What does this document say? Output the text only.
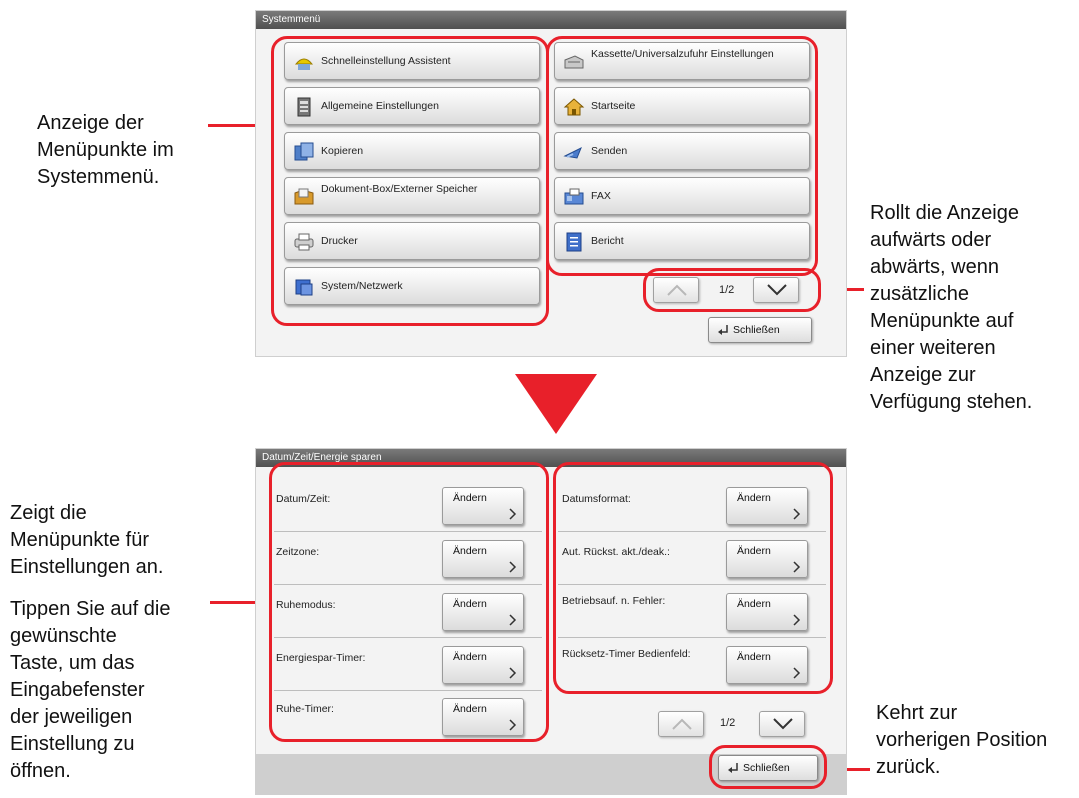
Anzeige der
Menüpunkte im
Systemmenü.
Rollt die Anzeige
aufwärts oder
abwärts, wenn
zusätzliche
Menüpunkte auf
einer weiteren
Anzeige zur
Verfügung stehen.
Zeigt die
Menüpunkte für
Einstellungen an.
Tippen Sie auf die
gewünschte
Taste, um das
Eingabefenster
der jeweiligen
Einstellung zu
öffnen.
Kehrt zur
vorherigen Position
zurück.
Systemmenü
Schnelleinstellung Assistent
Allgemeine Einstellungen
Kopieren
Dokument-Box/Externer Speicher
Drucker
System/Netzwerk
Kassette/Universalzufuhr Einstellungen
Startseite
Senden
FAX
Bericht
1/2
Schließen
Datum/Zeit/Energie sparen
Datum/Zeit:	Ändern
Zeitzone:	Ändern
Ruhemodus:	Ändern
Energiespar-Timer:	Ändern
Ruhe-Timer:	Ändern
Datumsformat:	Ändern
Aut. Rückst. akt./deak.:	Ändern
Betriebsauf. n. Fehler:	Ändern
Rücksetz-Timer Bedienfeld:	Ändern
1/2
Schließen
